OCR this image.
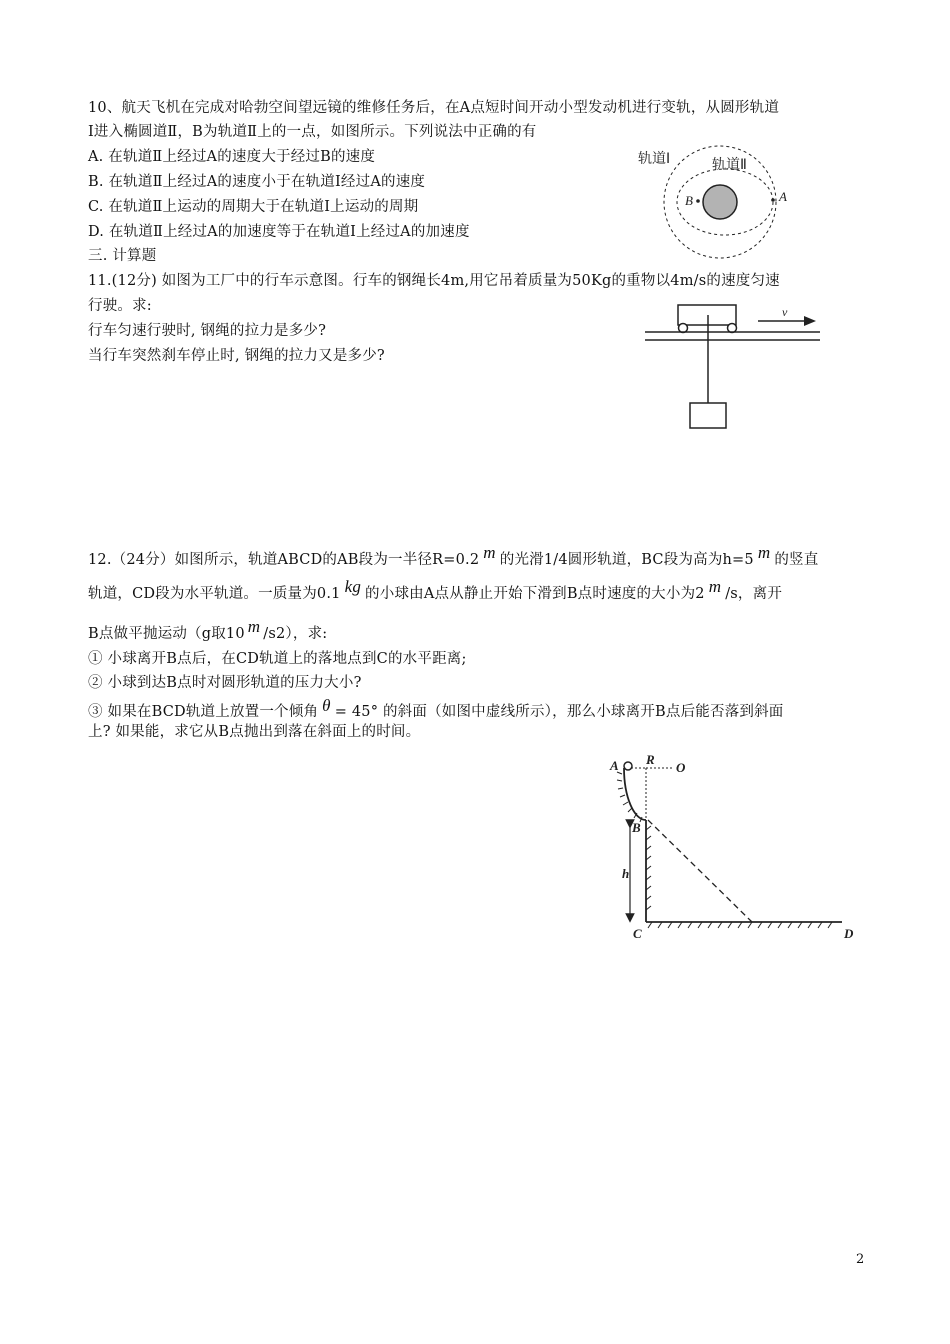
10、航天飞机在完成对哈勃空间望远镜的维修任务后，在A点短时间开动小型发动机进行变轨，从圆形轨道
Ⅰ进入椭圆道Ⅱ，B为轨道Ⅱ上的一点，如图所示。下列说法中正确的有
A. 在轨道Ⅱ上经过A的速度大于经过B的速度
B. 在轨道Ⅱ上经过A的速度小于在轨道Ⅰ经过A的速度
C. 在轨道Ⅱ上运动的周期大于在轨道Ⅰ上运动的周期
D. 在轨道Ⅱ上经过A的加速度等于在轨道Ⅰ上经过A的加速度
轨道Ⅰ	轨道Ⅱ
A
B
三. 计算题
11.(12分) 如图为工厂中的行车示意图。行车的钢绳长4m,用它吊着质量为50Kg的重物以4m/s的速度匀速
行驶。求:
行车匀速行驶时, 钢绳的拉力是多少?
当行车突然刹车停止时, 钢绳的拉力又是多少?
v
12.（24分）如图所示，轨道ABCD的AB段为一半径R=0.2 m 的光滑1/4圆形轨道，BC段为高为h=5 m 的竖直
轨道，CD段为水平轨道。一质量为0.1 kg 的小球由A点从静止开始下滑到B点时速度的大小为2 m /s，离开
B点做平抛运动（g取10 m /s2），求:
① 小球离开B点后，在CD轨道上的落地点到C的水平距离;
② 小球到达B点时对圆形轨道的压力大小?
③ 如果在BCD轨道上放置一个倾角 θ = 45° 的斜面（如图中虚线所示），那么小球离开B点后能否落到斜面
上? 如果能，求它从B点抛出到落在斜面上的时间。
A R
O
B
h
C	D
2
